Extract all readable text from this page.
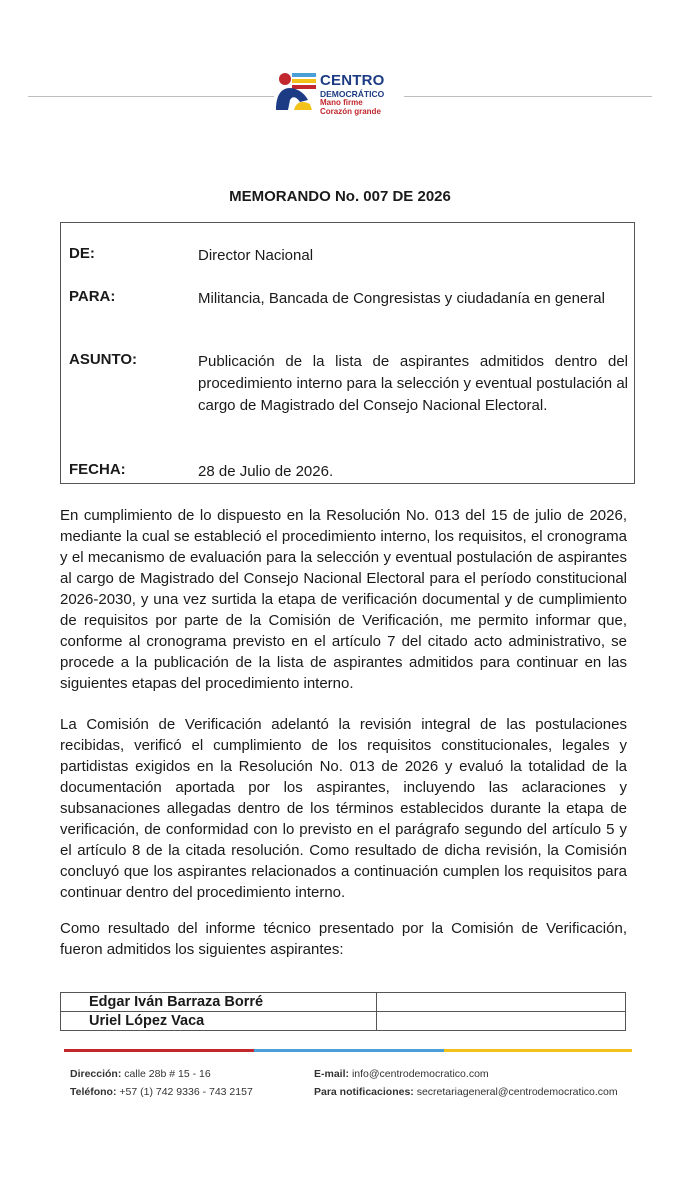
CENTRO
DEMOCRÁTICO
Mano firme
Corazón grande
MEMORANDO No. 007 DE 2026
DE:	Director Nacional
PARA:	Militancia, Bancada de Congresistas y ciudadanía en general
ASUNTO:	Publicación de la lista de aspirantes admitidos dentro del procedimiento interno para la selección y eventual postulación al cargo de Magistrado del Consejo Nacional Electoral.
FECHA:	28 de Julio de 2026.
En cumplimiento de lo dispuesto en la Resolución No. 013 del 15 de julio de 2026, mediante la cual se estableció el procedimiento interno, los requisitos, el cronograma y el mecanismo de evaluación para la selección y eventual postulación de aspirantes al cargo de Magistrado del Consejo Nacional Electoral para el período constitucional 2026-2030, y una vez surtida la etapa de verificación documental y de cumplimiento de requisitos por parte de la Comisión de Verificación, me permito informar que, conforme al cronograma previsto en el artículo 7 del citado acto administrativo, se procede a la publicación de la lista de aspirantes admitidos para continuar en las siguientes etapas del procedimiento interno.
La Comisión de Verificación adelantó la revisión integral de las postulaciones recibidas, verificó el cumplimiento de los requisitos constitucionales, legales y partidistas exigidos en la Resolución No. 013 de 2026 y evaluó la totalidad de la documentación aportada por los aspirantes, incluyendo las aclaraciones y subsanaciones allegadas dentro de los términos establecidos durante la etapa de verificación, de conformidad con lo previsto en el parágrafo segundo del artículo 5 y el artículo 8 de la citada resolución. Como resultado de dicha revisión, la Comisión concluyó que los aspirantes relacionados a continuación cumplen los requisitos para continuar dentro del procedimiento interno.
Como resultado del informe técnico presentado por la Comisión de Verificación, fueron admitidos los siguientes aspirantes:
Edgar Iván Barraza Borré	
Uriel López Vaca	
Dirección: calle 28b # 15 - 16
Teléfono: +57 (1) 742 9336 - 743 2157
E-mail: info@centrodemocratico.com
Para notificaciones: secretariageneral@centrodemocratico.com
